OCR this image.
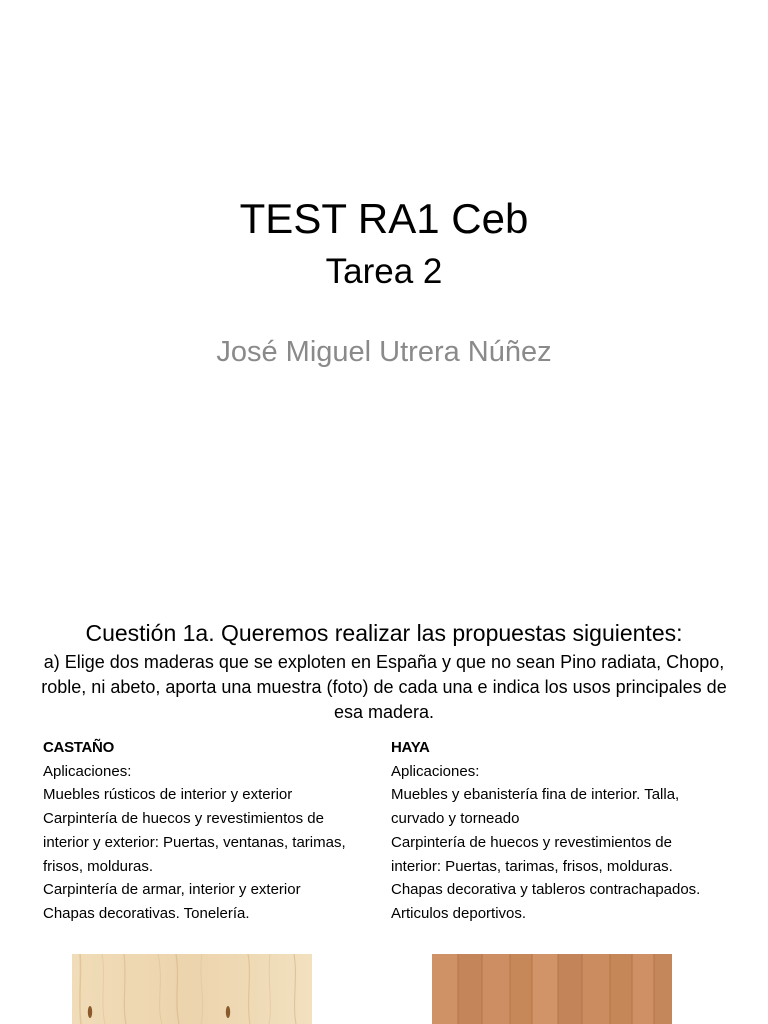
TEST RA1 Ceb
Tarea 2
José Miguel Utrera Núñez
Cuestión 1a. Queremos realizar las propuestas siguientes:
a) Elige dos maderas que se exploten en España y que no sean Pino radiata, Chopo, roble, ni abeto, aporta una muestra (foto) de cada una e indica los usos principales de esa madera.
CASTAÑO
Aplicaciones:
Muebles rústicos de interior y exterior
Carpintería de huecos y revestimientos de interior y exterior: Puertas, ventanas, tarimas, frisos, molduras.
Carpintería de armar, interior y exterior
Chapas decorativas. Tonelería.
HAYA
Aplicaciones:
Muebles y ebanistería fina de interior. Talla, curvado y torneado
Carpintería de huecos y revestimientos de interior: Puertas, tarimas, frisos, molduras.
Chapas decorativa y tableros contrachapados.
Articulos deportivos.
